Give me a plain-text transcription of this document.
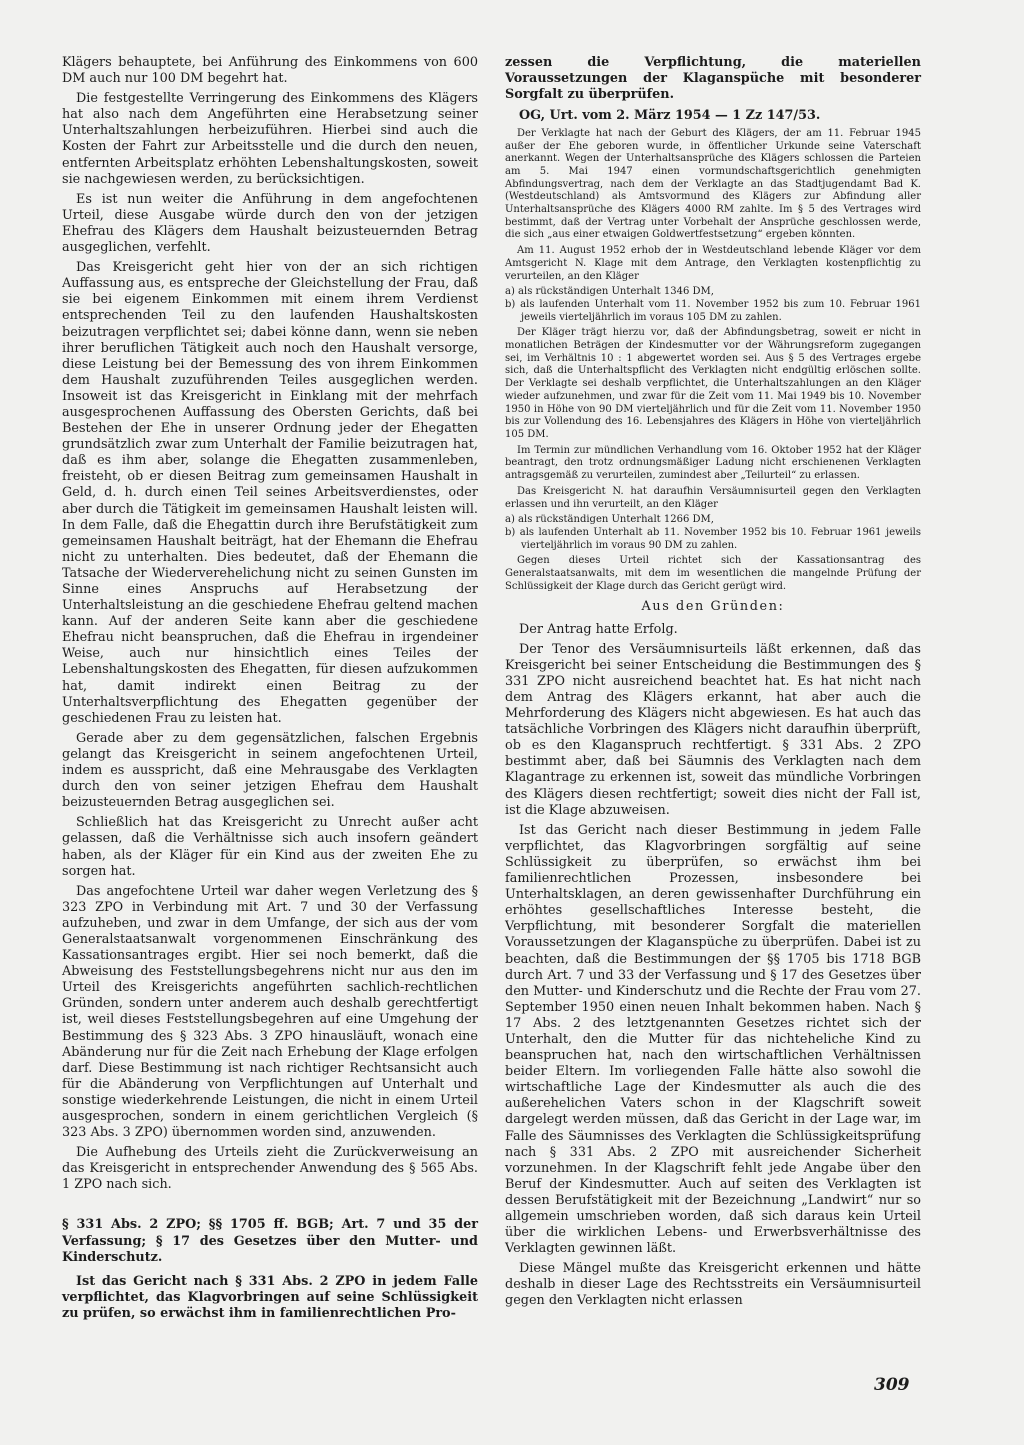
Klägers behauptete, bei Anführung des Einkommens von 600 DM auch nur 100 DM begehrt hat.

Die festgestellte Verringerung des Einkommens des Klägers hat also nach dem Angeführten eine Herabsetzung seiner Unterhaltszahlungen herbeizuführen. Hierbei sind auch die Kosten der Fahrt zur Arbeitsstelle und die durch den neuen, entfernten Arbeitsplatz erhöhten Lebenshaltungskosten, soweit sie nachgewiesen werden, zu berücksichtigen.

Es ist nun weiter die Anführung in dem angefochtenen Urteil, diese Ausgabe würde durch den von der jetzigen Ehefrau des Klägers dem Haushalt beizusteuernden Betrag ausgeglichen, verfehlt.

Das Kreisgericht geht hier von der an sich richtigen Auffassung aus, es entspreche der Gleichstellung der Frau, daß sie bei eigenem Einkommen mit einem ihrem Verdienst entsprechenden Teil zu den laufenden Haushaltskosten beizutragen verpflichtet sei; dabei könne dann, wenn sie neben ihrer beruflichen Tätigkeit auch noch den Haushalt versorge, diese Leistung bei der Bemessung des von ihrem Einkommen dem Haushalt zuzuführenden Teiles ausgeglichen werden. Insoweit ist das Kreisgericht in Einklang mit der mehrfach ausgesprochenen Auffassung des Obersten Gerichts, daß bei Bestehen der Ehe in unserer Ordnung jeder der Ehegatten grundsätzlich zwar zum Unterhalt der Familie beizutragen hat, daß es ihm aber, solange die Ehegatten zusammenleben, freisteht, ob er diesen Beitrag zum gemeinsamen Haushalt in Geld, d. h. durch einen Teil seines Arbeitsverdienstes, oder aber durch die Tätigkeit im gemeinsamen Haushalt leisten will. In dem Falle, daß die Ehegattin durch ihre Berufstätigkeit zum gemeinsamen Haushalt beiträgt, hat der Ehemann die Ehefrau nicht zu unterhalten. Dies bedeutet, daß der Ehemann die Tatsache der Wiederverehelichung nicht zu seinen Gunsten im Sinne eines Anspruchs auf Herabsetzung der Unterhaltsleistung an die geschiedene Ehefrau geltend machen kann. Auf der anderen Seite kann aber die geschiedene Ehefrau nicht beanspruchen, daß die Ehefrau in irgendeiner Weise, auch nur hinsichtlich eines Teiles der Lebenshaltungskosten des Ehegatten, für diesen aufzukommen hat, damit indirekt einen Beitrag zu der Unterhaltsverpflichtung des Ehegatten gegenüber der geschiedenen Frau zu leisten hat.

Gerade aber zu dem gegensätzlichen, falschen Ergebnis gelangt das Kreisgericht in seinem angefochtenen Urteil, indem es ausspricht, daß eine Mehrausgabe des Verklagten durch den von seiner jetzigen Ehefrau dem Haushalt beizusteuernden Betrag ausgeglichen sei.

Schließlich hat das Kreisgericht zu Unrecht außer acht gelassen, daß die Verhältnisse sich auch insofern geändert haben, als der Kläger für ein Kind aus der zweiten Ehe zu sorgen hat.

Das angefochtene Urteil war daher wegen Verletzung des § 323 ZPO in Verbindung mit Art. 7 und 30 der Verfassung aufzuheben, und zwar in dem Umfange, der sich aus der vom Generalstaatsanwalt vorgenommenen Einschränkung des Kassationsantrages ergibt. Hier sei noch bemerkt, daß die Abweisung des Feststellungsbegehrens nicht nur aus den im Urteil des Kreisgerichts angeführten sachlich-rechtlichen Gründen, sondern unter anderem auch deshalb gerechtfertigt ist, weil dieses Feststellungsbegehren auf eine Umgehung der Bestimmung des § 323 Abs. 3 ZPO hinausläuft, wonach eine Abänderung nur für die Zeit nach Erhebung der Klage erfolgen darf. Diese Bestimmung ist nach richtiger Rechtsansicht auch für die Abänderung von Verpflichtungen auf Unterhalt und sonstige wiederkehrende Leistungen, die nicht in einem Urteil ausgesprochen, sondern in einem gerichtlichen Vergleich (§ 323 Abs. 3 ZPO) übernommen worden sind, anzuwenden.

Die Aufhebung des Urteils zieht die Zurückverweisung an das Kreisgericht in entsprechender Anwendung des § 565 Abs. 1 ZPO nach sich.

§ 331 Abs. 2 ZPO; §§ 1705 ff. BGB; Art. 7 und 35 der Verfassung; § 17 des Gesetzes über den Mutter- und Kinderschutz.

Ist das Gericht nach § 331 Abs. 2 ZPO in jedem Falle verpflichtet, das Klagvorbringen auf seine Schlüssigkeit zu prüfen, so erwächst ihm in familienrechtlichen Pro-

zessen die Verpflichtung, die materiellen Voraussetzungen der Klaganspüche mit besonderer Sorgfalt zu überprüfen.

OG, Urt. vom 2. März 1954 — 1 Zz 147/53.

Der Verklagte hat nach der Geburt des Klägers, der am 11. Februar 1945 außer der Ehe geboren wurde, in öffentlicher Urkunde seine Vaterschaft anerkannt. Wegen der Unterhaltsansprüche des Klägers schlossen die Parteien am 5. Mai 1947 einen vormundschaftsgerichtlich genehmigten Abfindungsvertrag, nach dem der Verklagte an das Stadtjugendamt Bad K. (Westdeutschland) als Amtsvormund des Klägers zur Abfindung aller Unterhaltsansprüche des Klägers 4000 RM zahlte. Im § 5 des Vertrages wird bestimmt, daß der Vertrag unter Vorbehalt der Ansprüche geschlossen werde, die sich „aus einer etwaigen Goldwertfestsetzung“ ergeben könnten.

Am 11. August 1952 erhob der in Westdeutschland lebende Kläger vor dem Amtsgericht N. Klage mit dem Antrage, den Verklagten kostenpflichtig zu verurteilen, an den Kläger

a) als rückständigen Unterhalt 1346 DM,

b) als laufenden Unterhalt vom 11. November 1952 bis zum 10. Februar 1961 jeweils vierteljährlich im voraus 105 DM zu zahlen.

Der Kläger trägt hierzu vor, daß der Abfindungsbetrag, soweit er nicht in monatlichen Beträgen der Kindesmutter vor der Währungsreform zugegangen sei, im Verhältnis 10 : 1 abgewertet worden sei. Aus § 5 des Vertrages ergebe sich, daß die Unterhaltspflicht des Verklagten nicht endgültig erlöschen sollte. Der Verklagte sei deshalb verpflichtet, die Unterhaltszahlungen an den Kläger wieder aufzunehmen, und zwar für die Zeit vom 11. Mai 1949 bis 10. November 1950 in Höhe von 90 DM vierteljährlich und für die Zeit vom 11. November 1950 bis zur Vollendung des 16. Lebensjahres des Klägers in Höhe von vierteljährlich 105 DM.

Im Termin zur mündlichen Verhandlung vom 16. Oktober 1952 hat der Kläger beantragt, den trotz ordnungsmäßiger Ladung nicht erschienenen Verklagten antragsgemäß zu verurteilen, zumindest aber „Teilurteil“ zu erlassen.

Das Kreisgericht N. hat daraufhin Versäumnisurteil gegen den Verklagten erlassen und ihn verurteilt, an den Kläger

a) als rückständigen Unterhalt 1266 DM,

b) als laufenden Unterhalt ab 11. November 1952 bis 10. Februar 1961 jeweils vierteljährlich im voraus 90 DM zu zahlen.

Gegen dieses Urteil richtet sich der Kassationsantrag des Generalstaatsanwalts, mit dem im wesentlichen die mangelnde Prüfung der Schlüssigkeit der Klage durch das Gericht gerügt wird.

Aus den Gründen:

Der Antrag hatte Erfolg.

Der Tenor des Versäumnisurteils läßt erkennen, daß das Kreisgericht bei seiner Entscheidung die Bestimmungen des § 331 ZPO nicht ausreichend beachtet hat. Es hat nicht nach dem Antrag des Klägers erkannt, hat aber auch die Mehrforderung des Klägers nicht abgewiesen. Es hat auch das tatsächliche Vorbringen des Klägers nicht daraufhin überprüft, ob es den Klaganspruch rechtfertigt. § 331 Abs. 2 ZPO bestimmt aber, daß bei Säumnis des Verklagten nach dem Klagantrage zu erkennen ist, soweit das mündliche Vorbringen des Klägers diesen rechtfertigt; soweit dies nicht der Fall ist, ist die Klage abzuweisen.

Ist das Gericht nach dieser Bestimmung in jedem Falle verpflichtet, das Klagvorbringen sorgfältig auf seine Schlüssigkeit zu überprüfen, so erwächst ihm bei familienrechtlichen Prozessen, insbesondere bei Unterhaltsklagen, an deren gewissenhafter Durchführung ein erhöhtes gesellschaftliches Interesse besteht, die Verpflichtung, mit besonderer Sorgfalt die materiellen Voraussetzungen der Klaganspüche zu überprüfen. Dabei ist zu beachten, daß die Bestimmungen der §§ 1705 bis 1718 BGB durch Art. 7 und 33 der Verfassung und § 17 des Gesetzes über den Mutter- und Kinderschutz und die Rechte der Frau vom 27. September 1950 einen neuen Inhalt bekommen haben. Nach § 17 Abs. 2 des letztgenannten Gesetzes richtet sich der Unterhalt, den die Mutter für das nichteheliche Kind zu beanspruchen hat, nach den wirtschaftlichen Verhältnissen beider Eltern. Im vorliegenden Falle hätte also sowohl die wirtschaftliche Lage der Kindesmutter als auch die des außerehelichen Vaters schon in der Klagschrift soweit dargelegt werden müssen, daß das Gericht in der Lage war, im Falle des Säumnisses des Verklagten die Schlüssigkeitsprüfung nach § 331 Abs. 2 ZPO mit ausreichender Sicherheit vorzunehmen. In der Klagschrift fehlt jede Angabe über den Beruf der Kindesmutter. Auch auf seiten des Verklagten ist dessen Berufstätigkeit mit der Bezeichnung „Landwirt“ nur so allgemein umschrieben worden, daß sich daraus kein Urteil über die wirklichen Lebens- und Erwerbsverhältnisse des Verklagten gewinnen läßt.

Diese Mängel mußte das Kreisgericht erkennen und hätte deshalb in dieser Lage des Rechtsstreits ein Versäumnisurteil gegen den Verklagten nicht erlassen

309
